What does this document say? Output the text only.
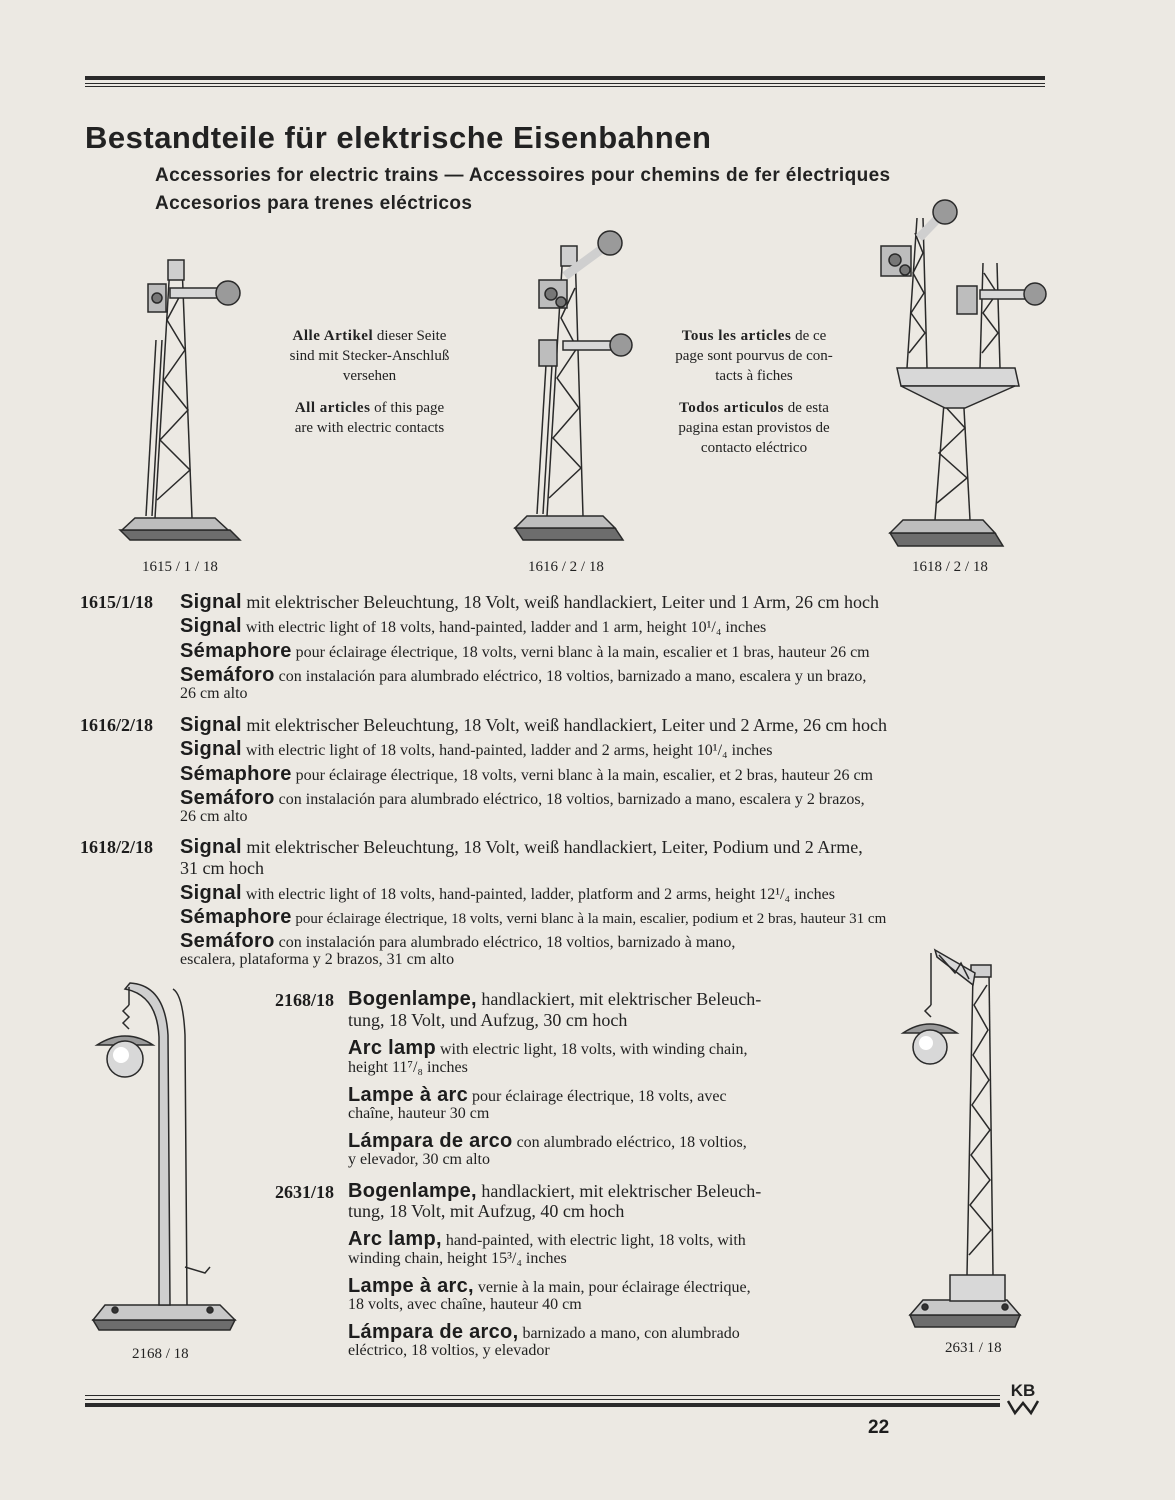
Bestandteile für elektrische Eisenbahnen
Accessories for electric trains — Accessoires pour chemins de fer électriques
Accesorios para trenes eléctricos
Alle Artikel dieser Seite
sind mit Stecker-Anschluß
versehen
All articles of this page
are with electric contacts
Tous les articles de ce
page sont pourvus de con-
tacts à fiches
Todos articulos de esta
pagina estan provistos de
contacto eléctrico
1615 / 1 / 18	1616 / 2 / 18	1618 / 2 / 18
1615/1/18 Signal mit elektrischer Beleuchtung, 18 Volt, weiß handlackiert, Leiter und 1 Arm, 26 cm hoch
Signal with electric light of 18 volts, hand-painted, ladder and 1 arm, height 10¹/₄ inches
Sémaphore pour éclairage électrique, 18 volts, verni blanc à la main, escalier et 1 bras, hauteur 26 cm
Semáforo con instalación para alumbrado eléctrico, 18 voltios, barnizado a mano, escalera y un brazo,
26 cm alto
1616/2/18 Signal mit elektrischer Beleuchtung, 18 Volt, weiß handlackiert, Leiter und 2 Arme, 26 cm hoch
Signal with electric light of 18 volts, hand-painted, ladder and 2 arms, height 10¹/₄ inches
Sémaphore pour éclairage électrique, 18 volts, verni blanc à la main, escalier, et 2 bras, hauteur 26 cm
Semáforo con instalación para alumbrado eléctrico, 18 voltios, barnizado a mano, escalera y 2 brazos,
26 cm alto
1618/2/18 Signal mit elektrischer Beleuchtung, 18 Volt, weiß handlackiert, Leiter, Podium und 2 Arme,
31 cm hoch
Signal with electric light of 18 volts, hand-painted, ladder, platform and 2 arms, height 12¹/₄ inches
Sémaphore pour éclairage électrique, 18 volts, verni blanc à la main, escalier, podium et 2 bras, hauteur 31 cm
Semáforo con instalación para alumbrado eléctrico, 18 voltios, barnizado à mano,
escalera, plataforma y 2 brazos, 31 cm alto
2168 / 18
2168/18 Bogenlampe, handlackiert, mit elektrischer Beleuch-
tung, 18 Volt, und Aufzug, 30 cm hoch
Arc lamp with electric light, 18 volts, with winding chain,
height 11⁷/₈ inches
Lampe à arc pour éclairage électrique, 18 volts, avec
chaîne, hauteur 30 cm
Lámpara de arco con alumbrado eléctrico, 18 voltios,
y elevador, 30 cm alto
2631/18 Bogenlampe, handlackiert, mit elektrischer Beleuch-
tung, 18 Volt, mit Aufzug, 40 cm hoch
Arc lamp, hand-painted, with electric light, 18 volts, with
winding chain, height 15³/₄ inches
Lampe à arc, vernie à la main, pour éclairage électrique,
18 volts, avec chaîne, hauteur 40 cm
Lámpara de arco, barnizado a mano, con alumbrado
eléctrico, 18 voltios, y elevador	2631 / 18
KB
22
